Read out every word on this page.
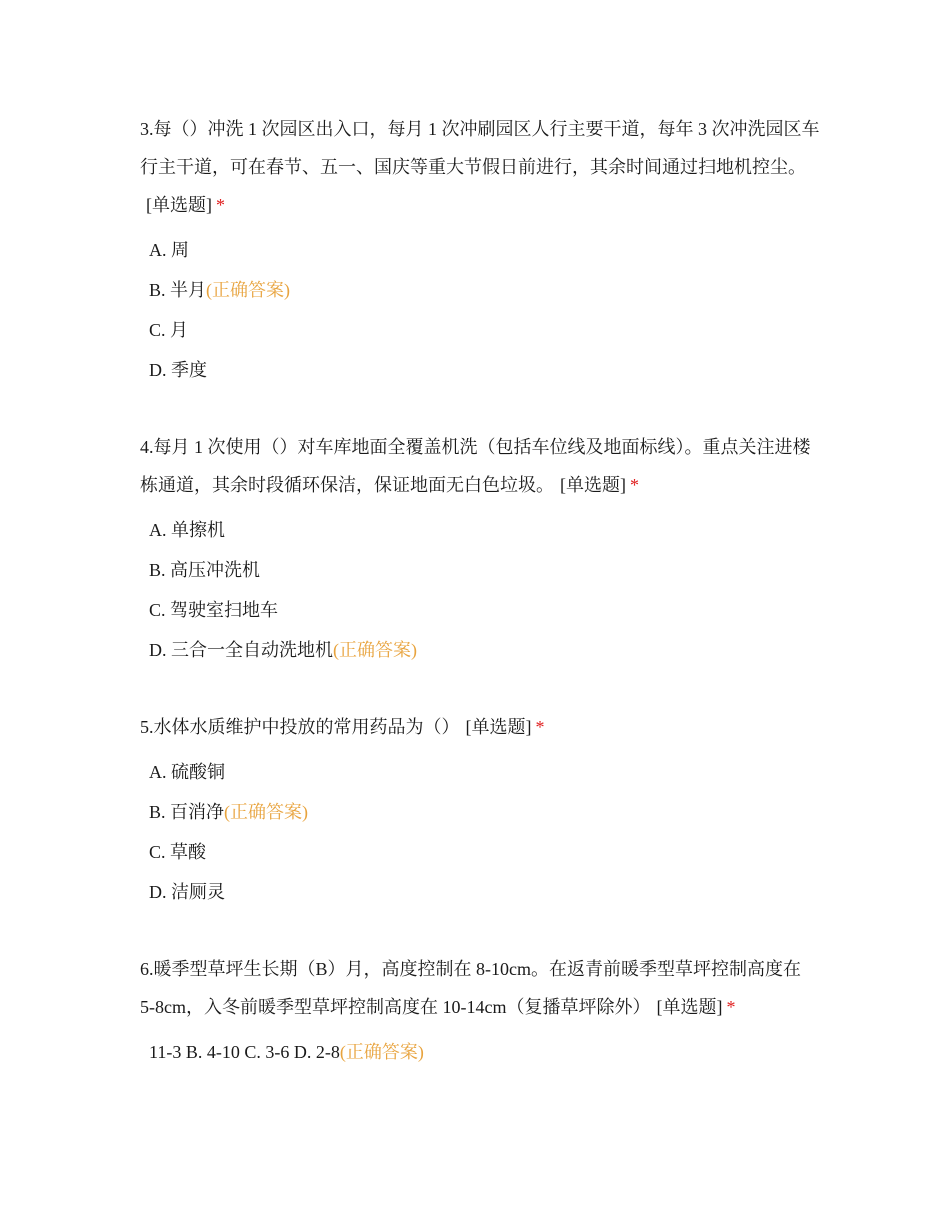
3.每（）冲洗 1 次园区出入口，每月 1 次冲刷园区人行主要干道，每年 3 次冲洗园区车行主干道，可在春节、五一、国庆等重大节假日前进行，其余时间通过扫地机控尘。[单选题] *

A. 周
B. 半月(正确答案)
C. 月
D. 季度

4.每月 1 次使用（）对车库地面全覆盖机洗（包括车位线及地面标线）。重点关注进楼栋通道，其余时段循环保洁，保证地面无白色垃圾。 [单选题] *

A. 单擦机
B. 高压冲洗机
C. 驾驶室扫地车
D. 三合一全自动洗地机(正确答案)

5.水体水质维护中投放的常用药品为（） [单选题] *

A. 硫酸铜
B. 百消净(正确答案)
C. 草酸
D. 洁厕灵

6.暖季型草坪生长期（B）月，高度控制在 8-10cm。在返青前暖季型草坪控制高度在 5-8cm，入冬前暖季型草坪控制高度在 10-14cm（复播草坪除外） [单选题] *

11-3 B. 4-10 C. 3-6 D. 2-8(正确答案)
